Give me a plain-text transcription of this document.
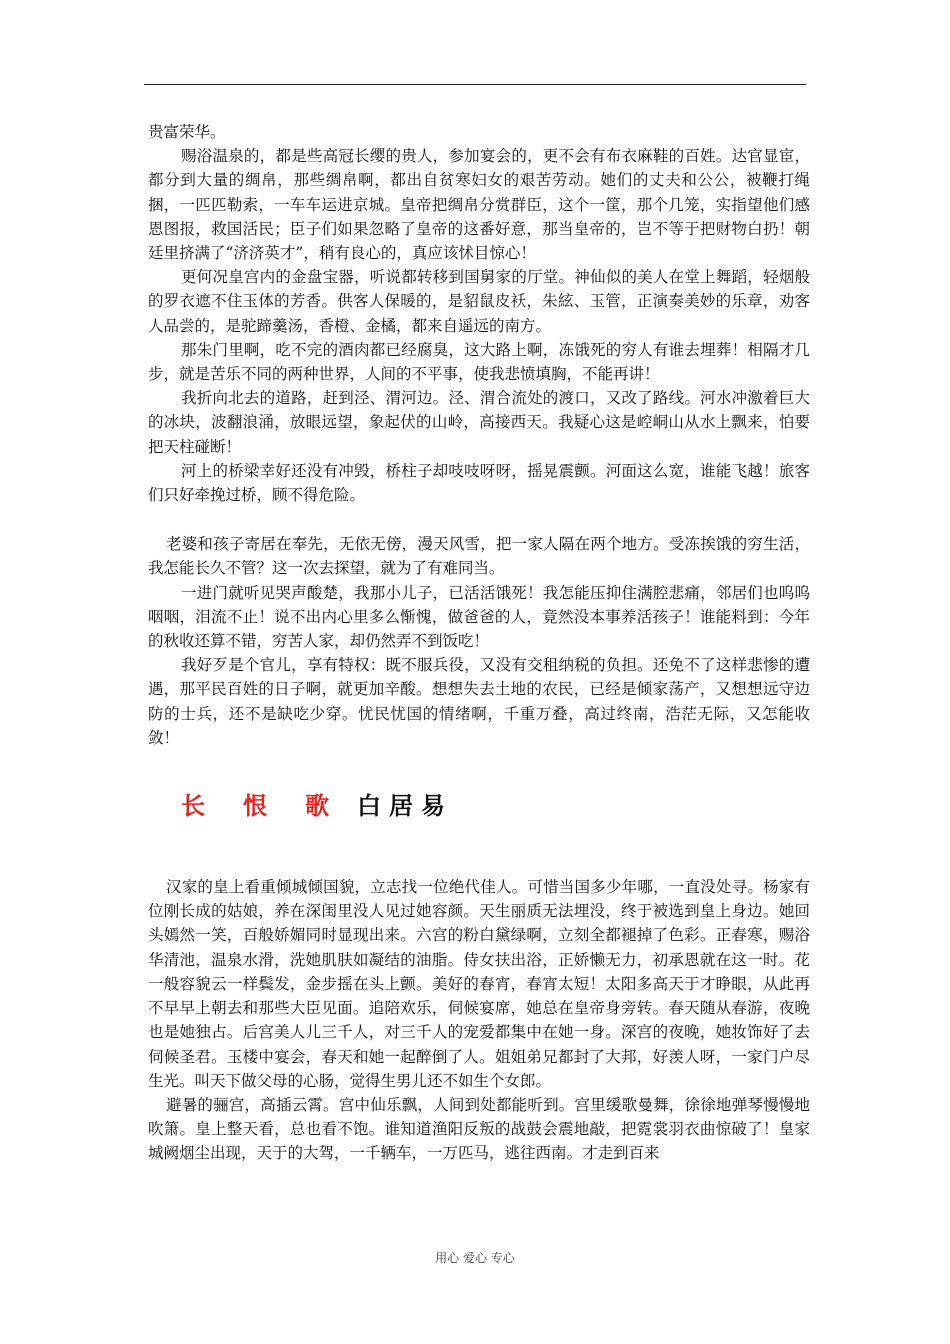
贵富荣华。

赐浴温泉的，都是些高冠长缨的贵人，参加宴会的，更不会有布衣麻鞋的百姓。达官显宦，都分到大量的绸帛，那些绸帛啊，都出自贫寒妇女的艰苦劳动。她们的丈夫和公公，被鞭打绳捆，一匹匹勒索，一车车运进京城。皇帝把绸帛分赏群臣，这个一筐，那个几笼，实指望他们感恩图报，救国活民；臣子们如果忽略了皇帝的这番好意，那当皇帝的，岂不等于把财物白扔！朝廷里挤满了“济济英才”，稍有良心的，真应该怵目惊心！

更何况皇宫内的金盘宝器，听说都转移到国舅家的厅堂。神仙似的美人在堂上舞蹈，轻烟般的罗衣遮不住玉体的芳香。供客人保暖的，是貂鼠皮袄，朱絃、玉管，正演奏美妙的乐章，劝客人品尝的，是驼蹄羹汤，香橙、金橘，都来自遥远的南方。

那朱门里啊，吃不完的酒肉都已经腐臭，这大路上啊，冻饿死的穷人有谁去埋葬！相隔才几步，就是苦乐不同的两种世界，人间的不平事，使我悲愤填胸，不能再讲！

我折向北去的道路，赶到泾、渭河边。泾、渭合流处的渡口，又改了路线。河水冲激着巨大的冰块，波翻浪涌，放眼远望，象起伏的山岭，高接西天。我疑心这是崆峒山从水上飘来，怕要把天柱碰断！

河上的桥梁幸好还没有冲毁，桥柱子却吱吱呀呀，摇晃震颤。河面这么宽，谁能飞越！旅客们只好牵挽过桥，顾不得危险。

老婆和孩子寄居在奉先，无依无傍，漫天风雪，把一家人隔在两个地方。受冻挨饿的穷生活，我怎能长久不管？这一次去探望，就为了有难同当。

一进门就听见哭声酸楚，我那小儿子，已活活饿死！我怎能压抑住满腔悲痛，邻居们也呜呜咽咽，泪流不止！说不出内心里多么惭愧，做爸爸的人，竟然没本事养活孩子！谁能料到：今年的秋收还算不错，穷苦人家，却仍然弄不到饭吃！

我好歹是个官儿，享有特权：既不服兵役，又没有交租纳税的负担。还免不了这样悲惨的遭遇，那平民百姓的日子啊，就更加辛酸。想想失去土地的农民，已经是倾家荡产，又想想远守边防的士兵，还不是缺吃少穿。忧民忧国的情绪啊，千重万叠，高过终南，浩茫无际，又怎能收敛！

长 恨 歌	白居易

汉家的皇上看重倾城倾国貌，立志找一位绝代佳人。可惜当国多少年哪，一直没处寻。杨家有位刚长成的姑娘，养在深闺里没人见过她容颜。天生丽质无法埋没，终于被选到皇上身边。她回头嫣然一笑，百般娇媚同时显现出来。六宫的粉白黛绿啊，立刻全都褪掉了色彩。正春寒，赐浴华清池，温泉水滑，洗她肌肤如凝结的油脂。侍女扶出浴，正娇懒无力，初承恩就在这一时。花一般容貌云一样鬓发，金步摇在头上颤。美好的春宵，春宵太短！太阳多高天于才睁眼，从此再不早早上朝去和那些大臣见面。追陪欢乐，伺候宴席，她总在皇帝身旁转。春天随从春游，夜晚也是她独占。后宫美人儿三千人，对三千人的宠爱都集中在她一身。深宫的夜晚，她妆饰好了去伺候圣君。玉楼中宴会，春天和她一起醉倒了人。姐姐弟兄都封了大邦，好羡人呀，一家门户尽生光。叫天下做父母的心肠，觉得生男儿还不如生个女郎。

避暑的骊宫，高插云霄。宫中仙乐飘，人间到处都能听到。宫里缓歌曼舞，徐徐地弹琴慢慢地吹箫。皇上整天看，总也看不饱。谁知道渔阳反叛的战鼓会震地敲，把霓裳羽衣曲惊破了！皇家城阙烟尘出现，天于的大驾，一千辆车，一万匹马，逃往西南。才走到百来

用心 爱心 专心
